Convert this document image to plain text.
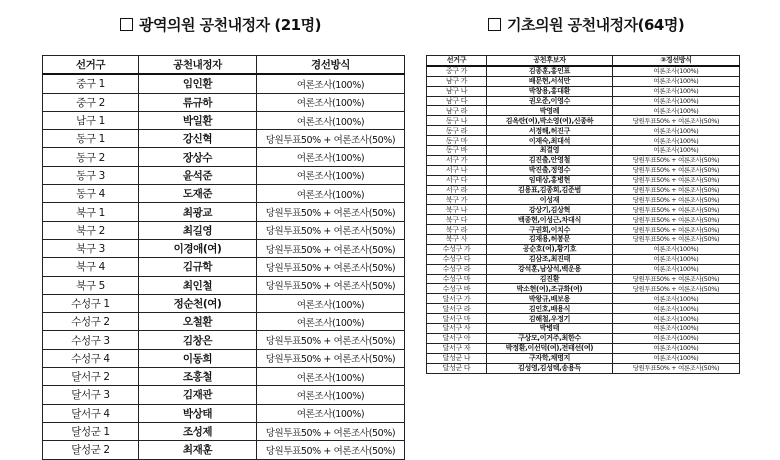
광역의원 공천내정자 (21명)	기초의원 공천내정자(64명)
선거구	공천내정자	경선방식
중구 1	임인환	여론조사(100%)
중구 2	류규하	여론조사(100%)
남구 1	박일환	여론조사(100%)
동구 1	강신혁	당원투표50% + 여론조사(50%)
동구 2	장상수	여론조사(100%)
동구 3	윤석준	여론조사(100%)
동구 4	도재준	여론조사(100%)
북구 1	최광교	당원투표50% + 여론조사(50%)
북구 2	최길영	당원투표50% + 여론조사(50%)
북구 3	이경애(여)	당원투표50% + 여론조사(50%)
북구 4	김규학	당원투표50% + 여론조사(50%)
북구 5	최인철	당원투표50% + 여론조사(50%)
수성구 1	정순천(여)	여론조사(100%)
수성구 2	오철환	여론조사(100%)
수성구 3	김창은	당원투표50% + 여론조사(50%)
수성구 4	이동희	당원투표50% + 여론조사(50%)
달서구 2	조홍철	여론조사(100%)
달서구 3	김재관	여론조사(100%)
달서구 4	박상태	여론조사(100%)
달성군 1	조성제	당원투표50% + 여론조사(50%)
달성군 2	최재훈	당원투표50% + 여론조사(50%)
선거구	공천후보자	③경선방식
중구 가	김종훈,홍인표	여론조사(100%)
남구 가	배문현,서석만	여론조사(100%)
남구 나	박창용,홍대환	여론조사(100%)
남구 다	권오준,이영수	여론조사(100%)
남구 라	박영례	여론조사(100%)
동구 나	김옥란(여),박소영(여),신종하	당원투표50% + 여론조사(50%)
동구 라	서정해,허진구	여론조사(100%)
동구 마	이재숙,최대석	여론조사(100%)
동구 바	최결영	여론조사(100%)
서구 가	김진출,안영철	당원투표50% + 여론조사(50%)
서구 나	박진출,정영수	당원투표50% + 여론조사(50%)
서구 다	임태상,홍병현	당원투표50% + 여론조사(50%)
서구 라	김용표,김종희,김준범	당원투표50% + 여론조사(50%)
북구 가	이성재	당원투표50% + 여론조사(50%)
북구 나	강상기,김상혁	당원투표50% + 여론조사(50%)
북구 다	백종현,이성근,차대식	당원투표50% + 여론조사(50%)
북구 라	구권회,이치수	당원투표50% + 여론조사(50%)
북구 사	김재용,허봉문	당원투표50% + 여론조사(50%)
수성구 가	공순호(여),황기호	여론조사(100%)
수성구 다	김삼조,최진태	여론조사(100%)
수성구 라	강석훈,남상석,백운용	여론조사(100%)
수성구 마	김진환	당원투표50% + 여론조사(50%)
수성구 바	박소현(여),조규화(여)	당원투표50% + 여론조사(50%)
달서구 가	박왕규,배보용	여론조사(100%)
달서구 라	김인호,배용식	여론조사(100%)
달서구 마	김해철,우정기	여론조사(100%)
달서구 사	박병태	여론조사(100%)
달서구 아	구상모,이거주,최한수	여론조사(100%)
달서구 자	박정환,이선덕(여),전태선(여)	여론조사(100%)
달성군 나	구자학,채명지	여론조사(100%)
달성군 다	김성영,김성택,송용득	당원투표50% + 여론조사(50%)
